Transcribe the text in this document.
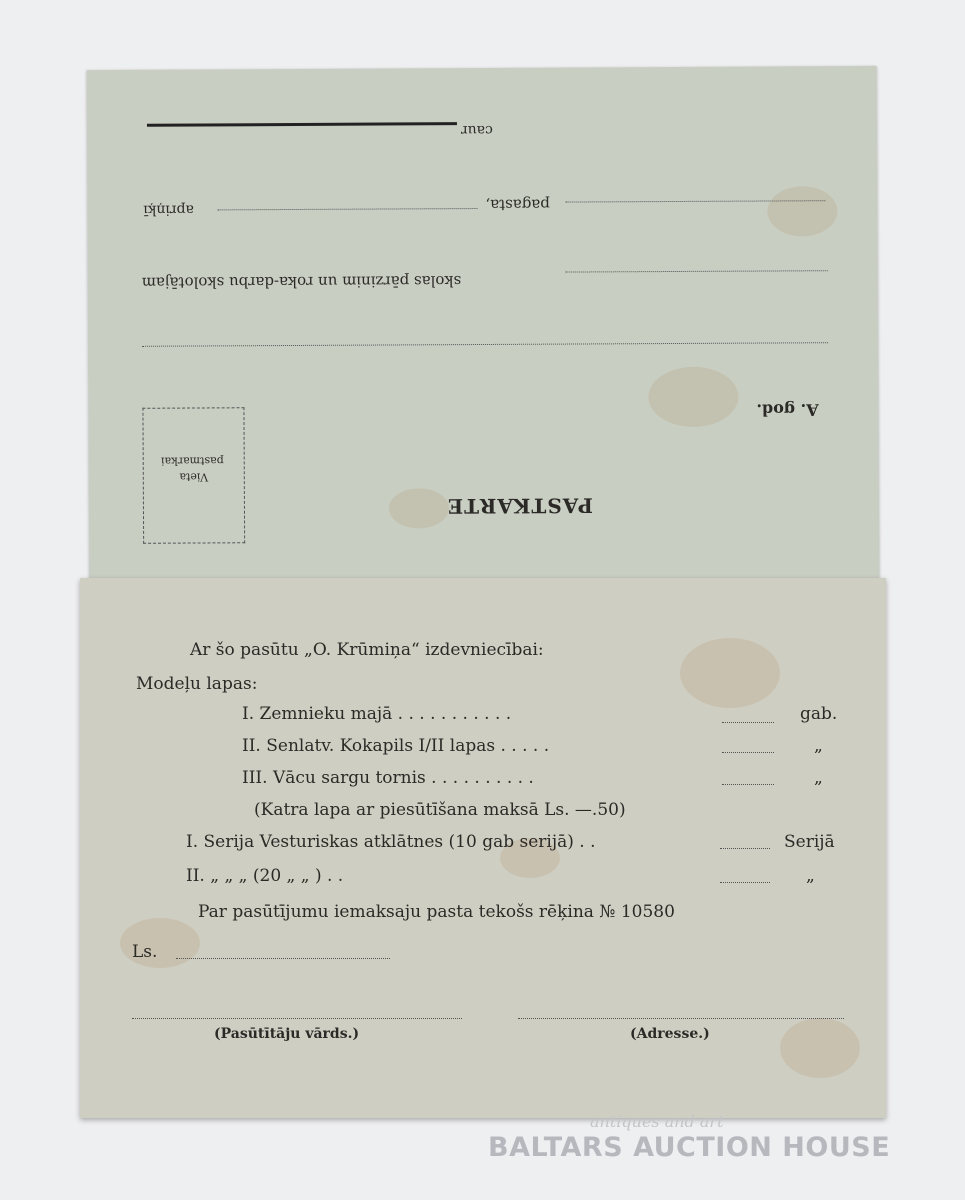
caur
apriņķī	pagasta,
skolas pārzinim un roka-darbu skolotājam
A. god.
Vieta
pastmarkai
PASTKARTE
Ar šo pasūtu „O. Krūmiņa“ izdevniecībai:
Modeļu lapas:
I. Zemnieku majā . . . . . . . . . . .	gab.
II. Senlatv. Kokapils I/II lapas . . . . .	„
III. Vācu sargu tornis . . . . . . . . . .	„
(Katra lapa ar piesūtīšana maksā Ls. —.50)
I. Serija Vesturiskas atklātnes (10 gab serijā) . .	Serijā
II. „ „ „ (20 „ „ ) . .	„
Par pasūtījumu iemaksaju pasta tekošs rēķina № 10580
Ls.
(Pasūtītāju vārds.)	(Adresse.)
antiques and art
BALTARS AUCTION HOUSE
